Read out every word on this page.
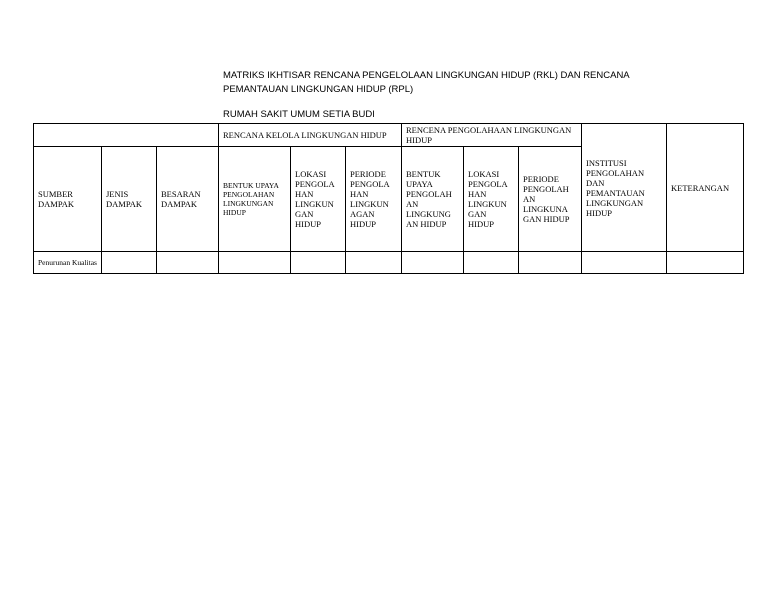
MATRIKS IKHTISAR RENCANA PENGELOLAAN LINGKUNGAN HIDUP (RKL) DAN RENCANA
PEMANTAUAN LINGKUNGAN HIDUP (RPL)
RUMAH SAKIT UMUM SETIA BUDI
			RENCANA KELOLA LINGKUNGAN HIDUP			RENCENA PENGOLAHAAN LINGKUNGAN HIDUP			INSTITUSI PENGOLAHAN DAN PEMANTAUAN LINGKUNGAN HIDUP	KETERANGAN
SUMBER DAMPAK	JENIS DAMPAK	BESARAN DAMPAK	BENTUK UPAYA PENGOLAHAN LINGKUNGAN HIDUP	LOKASI PENGOLA HAN LINGKUN GAN HIDUP	PERIODE PENGOLA HAN LINGKUN AGAN HIDUP	BENTUK UPAYA PENGOLAH AN LINGKUNG AN HIDUP	LOKASI PENGOLA HAN LINGKUN GAN HIDUP	PERIODE PENGOLAH AN LINGKUNA GAN HIDUP		
Penurunan Kualitas										
